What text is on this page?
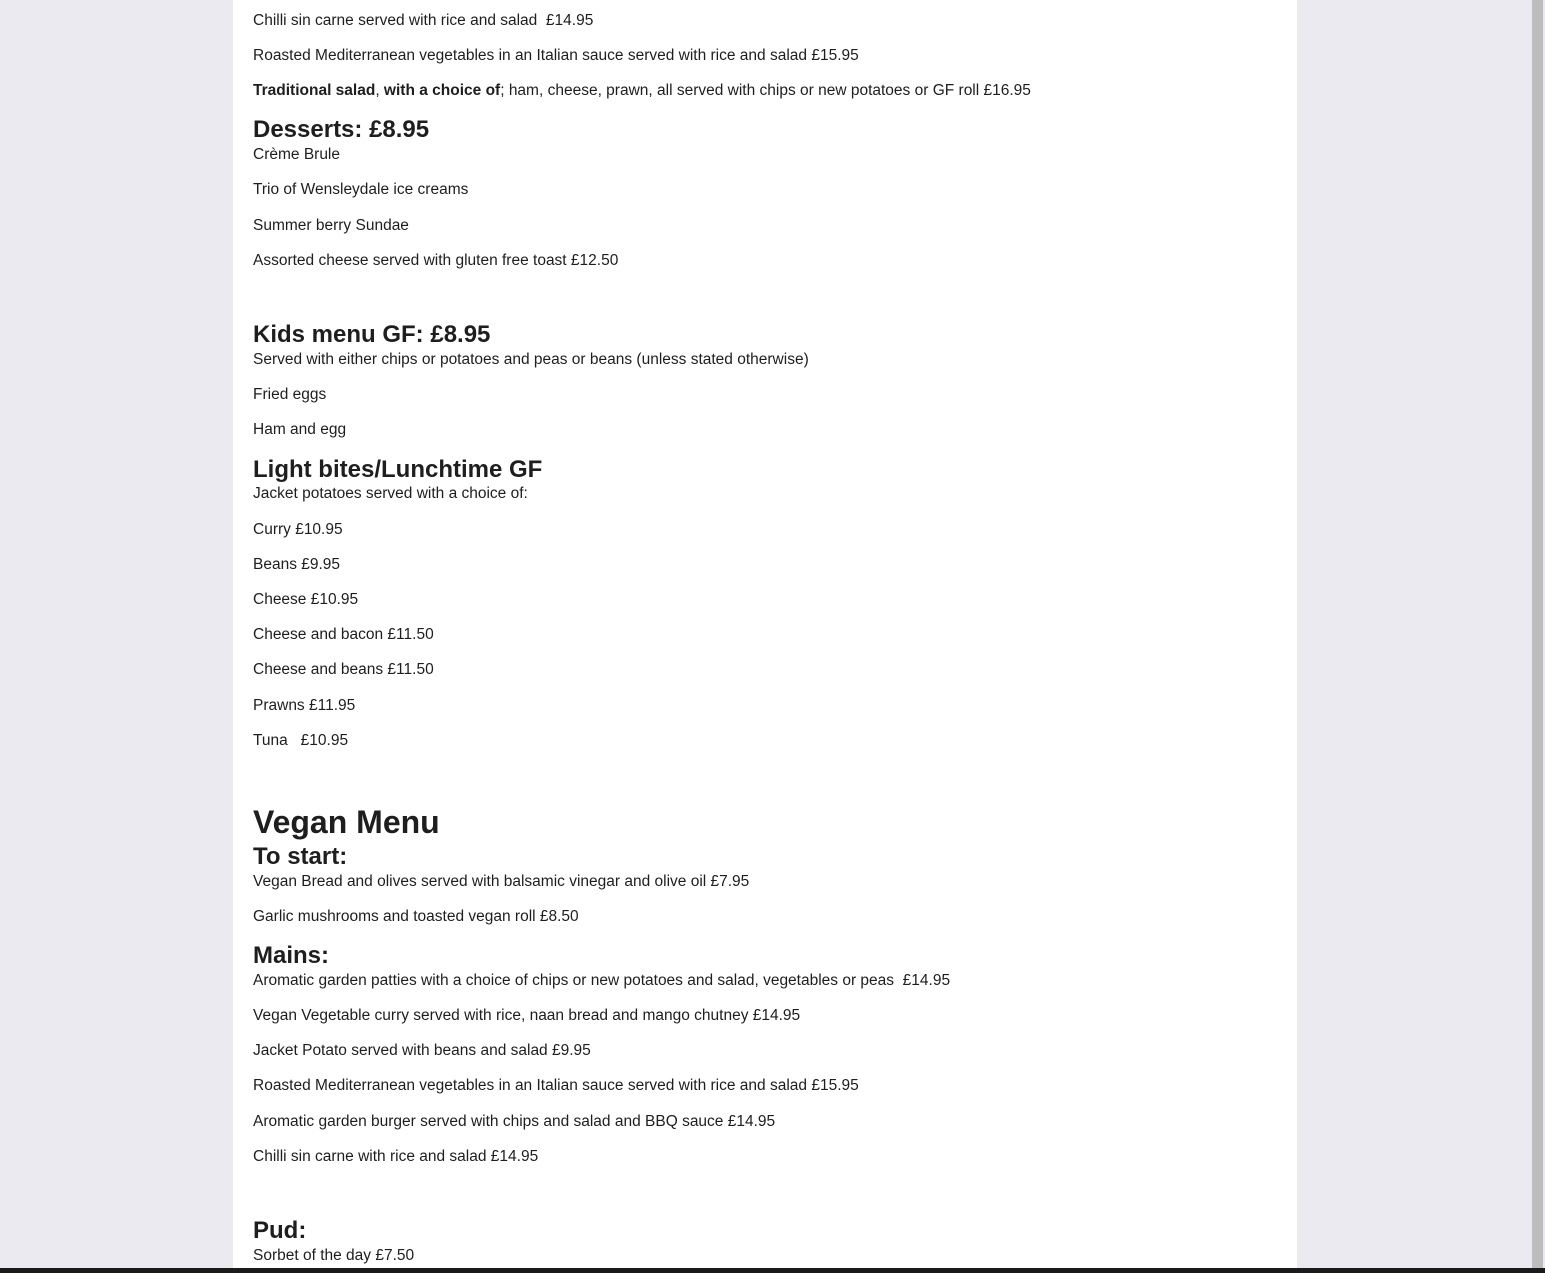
Chilli sin carne served with rice and salad  £14.95
Roasted Mediterranean vegetables in an Italian sauce served with rice and salad £15.95
Traditional salad, with a choice of; ham, cheese, prawn, all served with chips or new potatoes or GF roll £16.95
Desserts: £8.95
Crème Brule
Trio of Wensleydale ice creams
Summer berry Sundae
Assorted cheese served with gluten free toast £12.50
Kids menu GF: £8.95
Served with either chips or potatoes and peas or beans (unless stated otherwise)
Fried eggs
Ham and egg
Light bites/Lunchtime GF
Jacket potatoes served with a choice of:
Curry £10.95
Beans £9.95
Cheese £10.95
Cheese and bacon £11.50
Cheese and beans £11.50
Prawns £11.95
Tuna   £10.95
Vegan Menu
To start:
Vegan Bread and olives served with balsamic vinegar and olive oil £7.95
Garlic mushrooms and toasted vegan roll £8.50
Mains:
Aromatic garden patties with a choice of chips or new potatoes and salad, vegetables or peas  £14.95
Vegan Vegetable curry served with rice, naan bread and mango chutney £14.95
Jacket Potato served with beans and salad £9.95
Roasted Mediterranean vegetables in an Italian sauce served with rice and salad £15.95
Aromatic garden burger served with chips and salad and BBQ sauce £14.95
Chilli sin carne with rice and salad £14.95
Pud:
Sorbet of the day £7.50
